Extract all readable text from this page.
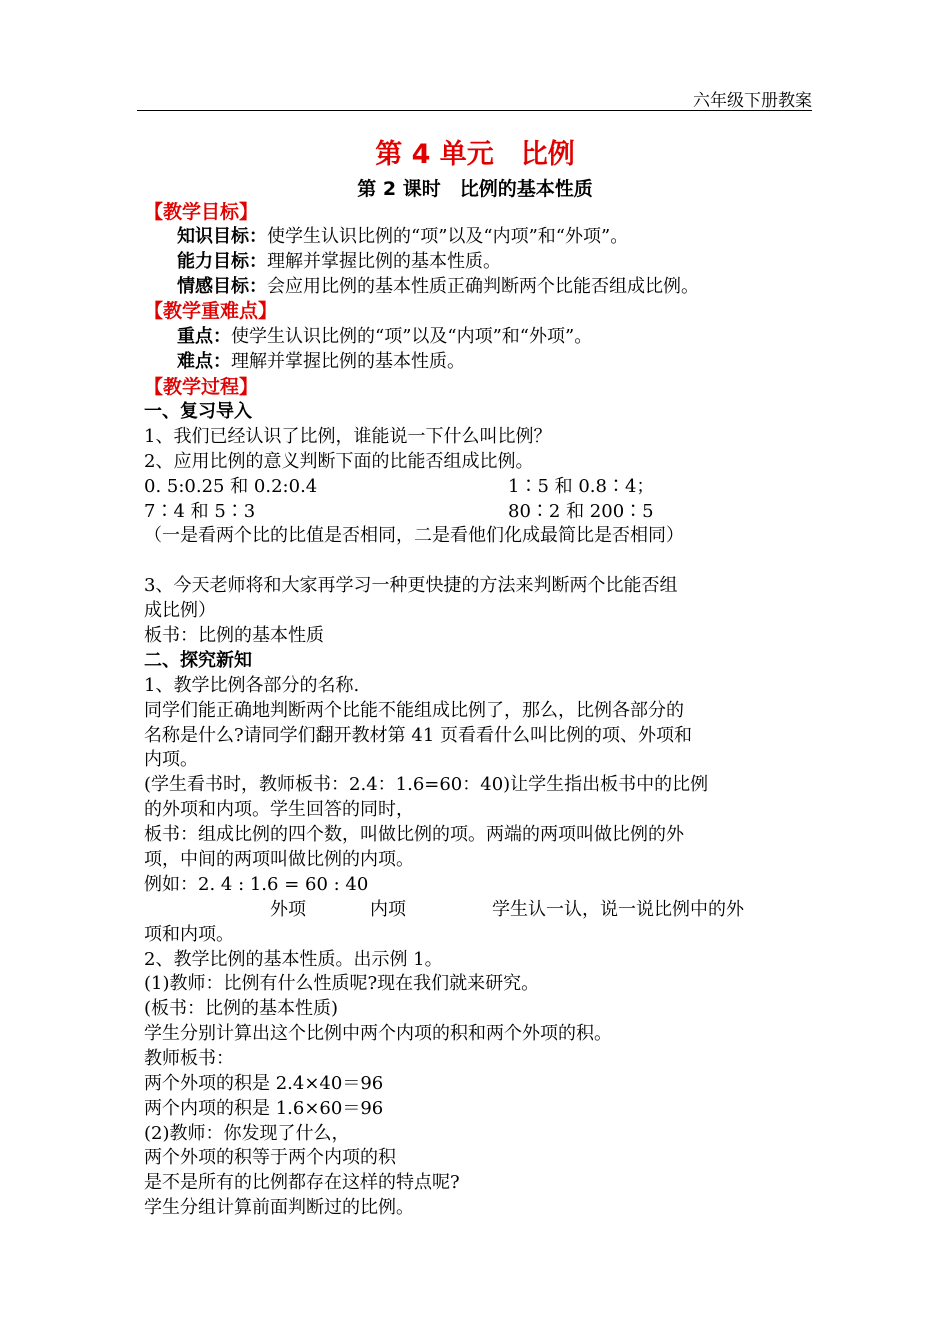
六年级下册教案
第 4 单元　比例
第 2 课时　比例的基本性质
【教学目标】
知识目标：使学生认识比例的“项”以及“内项”和“外项”。
能力目标：理解并掌握比例的基本性质。
情感目标：会应用比例的基本性质正确判断两个比能否组成比例。
【教学重难点】
重点：使学生认识比例的“项”以及“内项”和“外项”。
难点：理解并掌握比例的基本性质。
【教学过程】
一、复习导入
1、我们已经认识了比例，谁能说一下什么叫比例？
2、应用比例的意义判断下面的比能否组成比例。
0. 5:0.25 和 0.2:0.4	1∶5 和 0.8∶4；
7∶4 和 5∶3	80∶2 和 200∶5
（一是看两个比的比值是否相同，二是看他们化成最简比是否相同）
3、今天老师将和大家再学习一种更快捷的方法来判断两个比能否组
成比例）
板书：比例的基本性质
二、探究新知
1、教学比例各部分的名称.
同学们能正确地判断两个比能不能组成比例了，那么，比例各部分的
名称是什么?请同学们翻开教材第 41 页看看什么叫比例的项、外项和
内项。
(学生看书时，教师板书：2.4：1.6=60：40)让学生指出板书中的比例
的外项和内项。学生回答的同时，
板书：组成比例的四个数，叫做比例的项。两端的两项叫做比例的外
项，中间的两项叫做比例的内项。
例如：2. 4 : 1.6 = 60 : 40
外项	内项	学生认一认，说一说比例中的外
项和内项。
2、教学比例的基本性质。出示例 1。
(1)教师：比例有什么性质呢?现在我们就来研究。
(板书：比例的基本性质)
学生分别计算出这个比例中两个内项的积和两个外项的积。
教师板书：
两个外项的积是 2.4×40＝96
两个内项的积是 1.6×60＝96
(2)教师：你发现了什么，
两个外项的积等于两个内项的积
是不是所有的比例都存在这样的特点呢?
学生分组计算前面判断过的比例。
